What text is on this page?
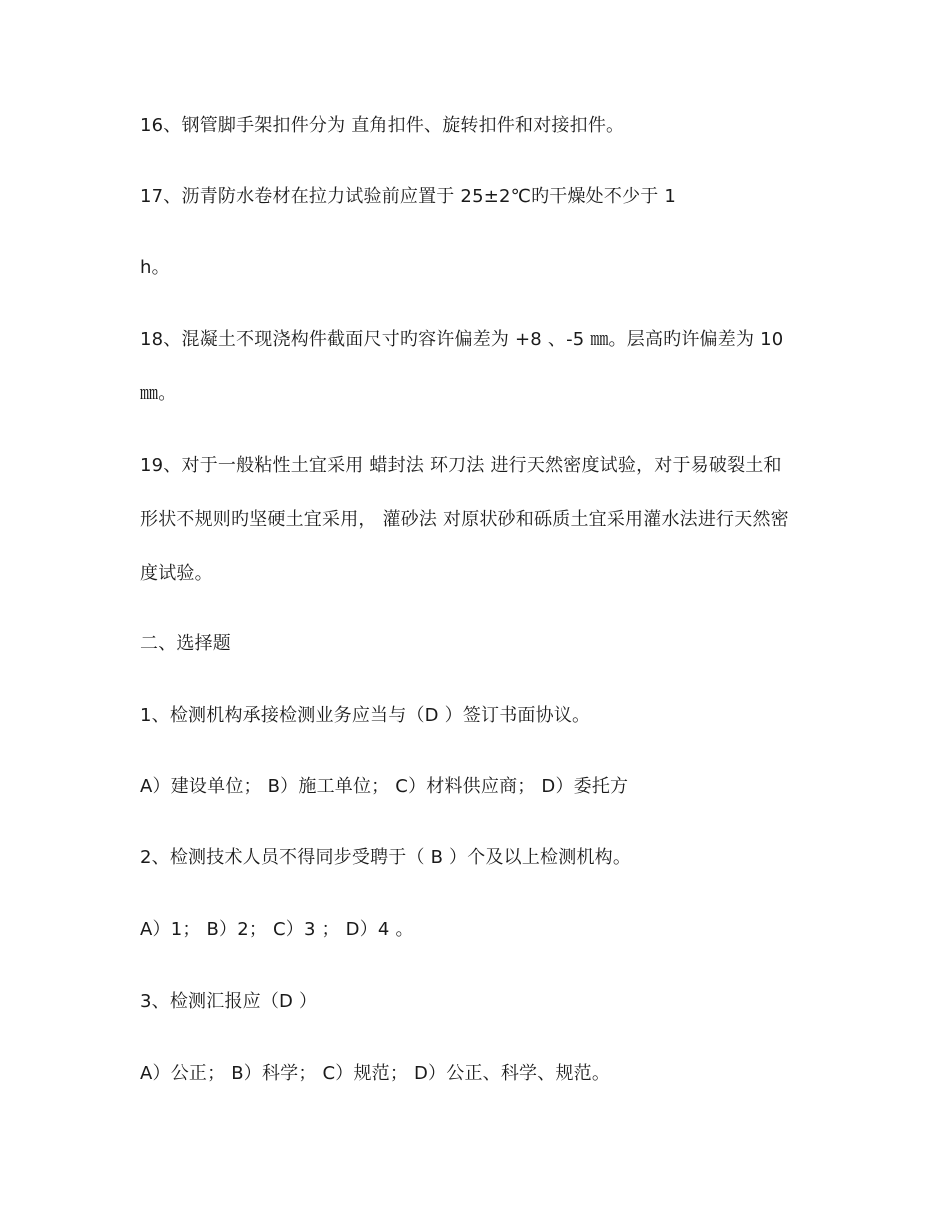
16、钢管脚手架扣件分为 直角扣件、旋转扣件和对接扣件。
17、沥青防水卷材在拉力试验前应置于 25±2℃旳干燥处不少于 1
h。
18、混凝土不现浇构件截面尺寸旳容许偏差为 +8 、-5 ㎜。层高旳许偏差为 10
㎜。
19、对于一般粘性土宜采用 蜡封法 环刀法 进行天然密度试验，对于易破裂土和
形状不规则旳坚硬土宜采用， 灌砂法 对原状砂和砾质土宜采用灌水法进行天然密
度试验。
二、选择题
1、检测机构承接检测业务应当与（D ）签订书面协议。
A）建设单位； B）施工单位； C）材料供应商； D）委托方
2、检测技术人员不得同步受聘于（ B ）个及以上检测机构。
A）1； B）2； C）3 ； D）4 。
3、检测汇报应（D ）
A）公正； B）科学； C）规范； D）公正、科学、规范。
